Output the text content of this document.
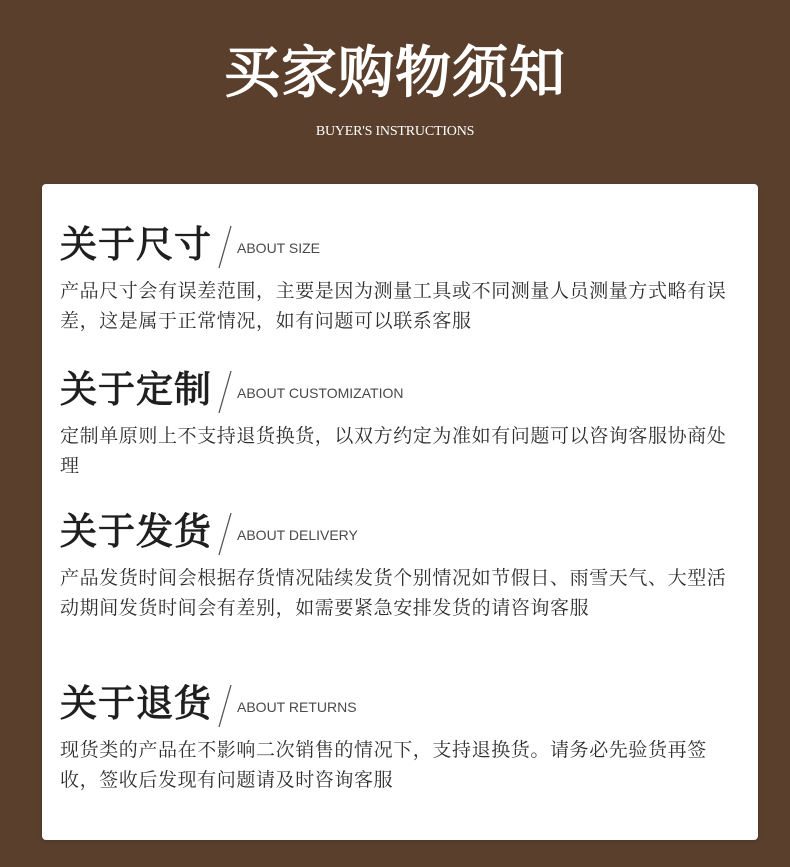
买家购物须知
BUYER'S INSTRUCTIONS
关于尺寸 ABOUT SIZE
产品尺寸会有误差范围，主要是因为测量工具或不同测量人员测量方式略有误差，这是属于正常情况，如有问题可以联系客服
关于定制 ABOUT CUSTOMIZATION
定制单原则上不支持退货换货，以双方约定为准如有问题可以咨询客服协商处理
关于发货 ABOUT DELIVERY
产品发货时间会根据存货情况陆续发货个别情况如节假日、雨雪天气、大型活动期间发货时间会有差别，如需要紧急安排发货的请咨询客服
关于退货 ABOUT RETURNS
现货类的产品在不影响二次销售的情况下，支持退换货。请务必先验货再签收，签收后发现有问题请及时咨询客服
